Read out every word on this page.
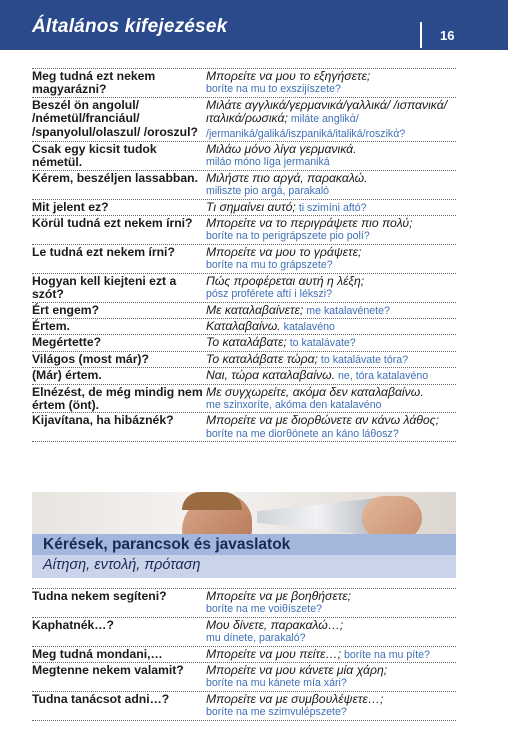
Általános kifejezések	16
Meg tudná ezt nekem magyarázni?
Μπορείτε να μου το εξηγήσετε;
boríte na mu to exszijíszete?
Beszél ön angolul/ /németül/franciául/ /spanyolul/olaszul/ /oroszul?
Μιλάτε αγγλικά/γερμανικά/γαλλικά/ /ισπανικά/ιταλικά/ρωσικά; miláte anglikά/ /jermaniká/galiká/iszpaniká/italiká/roszikά?
Csak egy kicsit tudok németül.
Μιλάω μόνο λίγα γερμανικά.
miláo móno líga jermaniká
Kérem, beszéljen lassabban. Μιλήστε πιο αργά, παρακαλώ.
miliszte pio argá, parakaló
Mit jelent ez?	Τι σημαίνει αυτό; ti szimíni aftó?
Körül tudná ezt nekem írni?	Μπορείτε να το περιγράψετε πιο πολύ;
boríte na to perigrápszete pio polí?
Le tudná ezt nekem írni?	Μπορείτε να μου το γράψετε;
boríte na mu to grápszete?
Hogyan kell kiejteni ezt a szót?
Πώς προφέρεται αυτή η λέξη;
pósz proférete aftí i lékszi?
Ért engem?	Με καταλαβαίνετε; me katalavénete?
Értem.	Καταλαβαίνω. katalavéno
Megértette?	Το καταλάβατε; to katalávate?
Világos (most már)?	Το καταλάβατε τώρα; to katalávate tóra?
(Már) értem.	Ναι, τώρα καταλαβαίνω. ne, tóra katalavéno
Elnézést, de még mindig nem értem (önt).
Με συγχωρείτε, ακόμα δεν καταλαβαίνω.
me szinxoríte, akóma den katalavéno
Kijavítana, ha hibáznék?	Μπορείτε να με διορθώνετε αν κάνω λάθος;
boríte na me diorθónete an káno láθosz?
Kérések, parancsok és javaslatok
Αίτηση, εντολή, πρόταση
Tudna nekem segíteni?	Μπορείτε να με βοηθήσετε;
boríte na me voiθíszete?
Kaphatnék…?	Μου δίνετε, παρακαλώ…;
mu dínete, parakaló?
Meg tudná mondani,…	Μπορείτε να μου πείτε…; boríte na mu píte?
Megtenne nekem valamit?	Μπορείτε να μου κάνετε μία χάρη;
boríte na mu kánete mía xári?
Tudna tanácsot adni…?	Μπορείτε να με συμβουλέψετε…;
boríte na me szimvulépszete?
